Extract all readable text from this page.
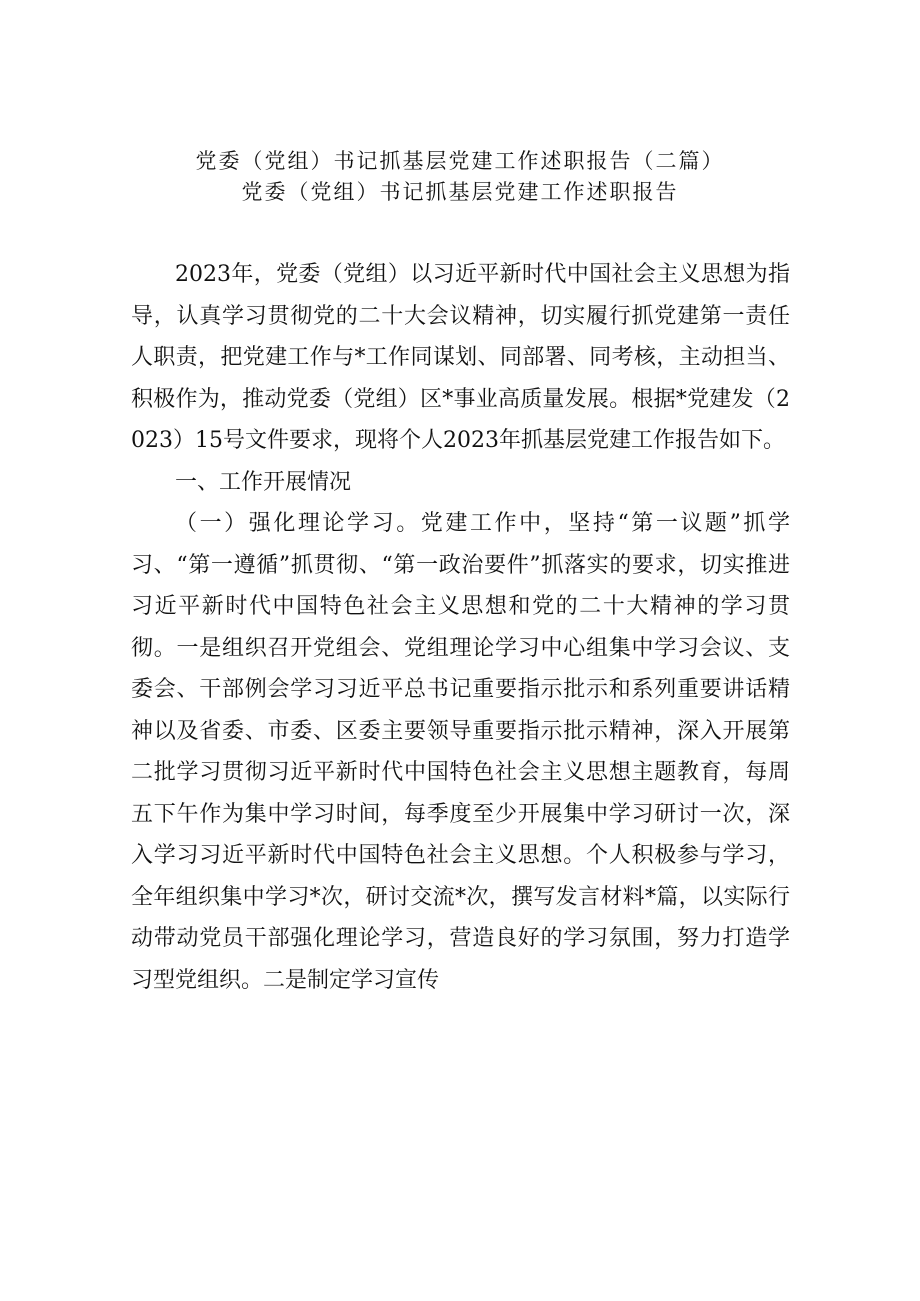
党委（党组）书记抓基层党建工作述职报告（二篇）
党委（党组）书记抓基层党建工作述职报告

2023年，党委（党组）以习近平新时代中国社会主义思想为指导，认真学习贯彻党的二十大会议精神，切实履行抓党建第一责任人职责，把党建工作与*工作同谋划、同部署、同考核，主动担当、积极作为，推动党委（党组）区*事业高质量发展。根据*党建发（2023）15号文件要求，现将个人2023年抓基层党建工作报告如下。

一、工作开展情况

（一）强化理论学习。党建工作中，坚持“第一议题”抓学习、“第一遵循”抓贯彻、“第一政治要件”抓落实的要求，切实推进习近平新时代中国特色社会主义思想和党的二十大精神的学习贯彻。一是组织召开党组会、党组理论学习中心组集中学习会议、支委会、干部例会学习习近平总书记重要指示批示和系列重要讲话精神以及省委、市委、区委主要领导重要指示批示精神，深入开展第二批学习贯彻习近平新时代中国特色社会主义思想主题教育，每周五下午作为集中学习时间，每季度至少开展集中学习研讨一次，深入学习习近平新时代中国特色社会主义思想。个人积极参与学习，全年组织集中学习*次，研讨交流*次，撰写发言材料*篇，以实际行动带动党员干部强化理论学习，营造良好的学习氛围，努力打造学习型党组织。二是制定学习宣传
